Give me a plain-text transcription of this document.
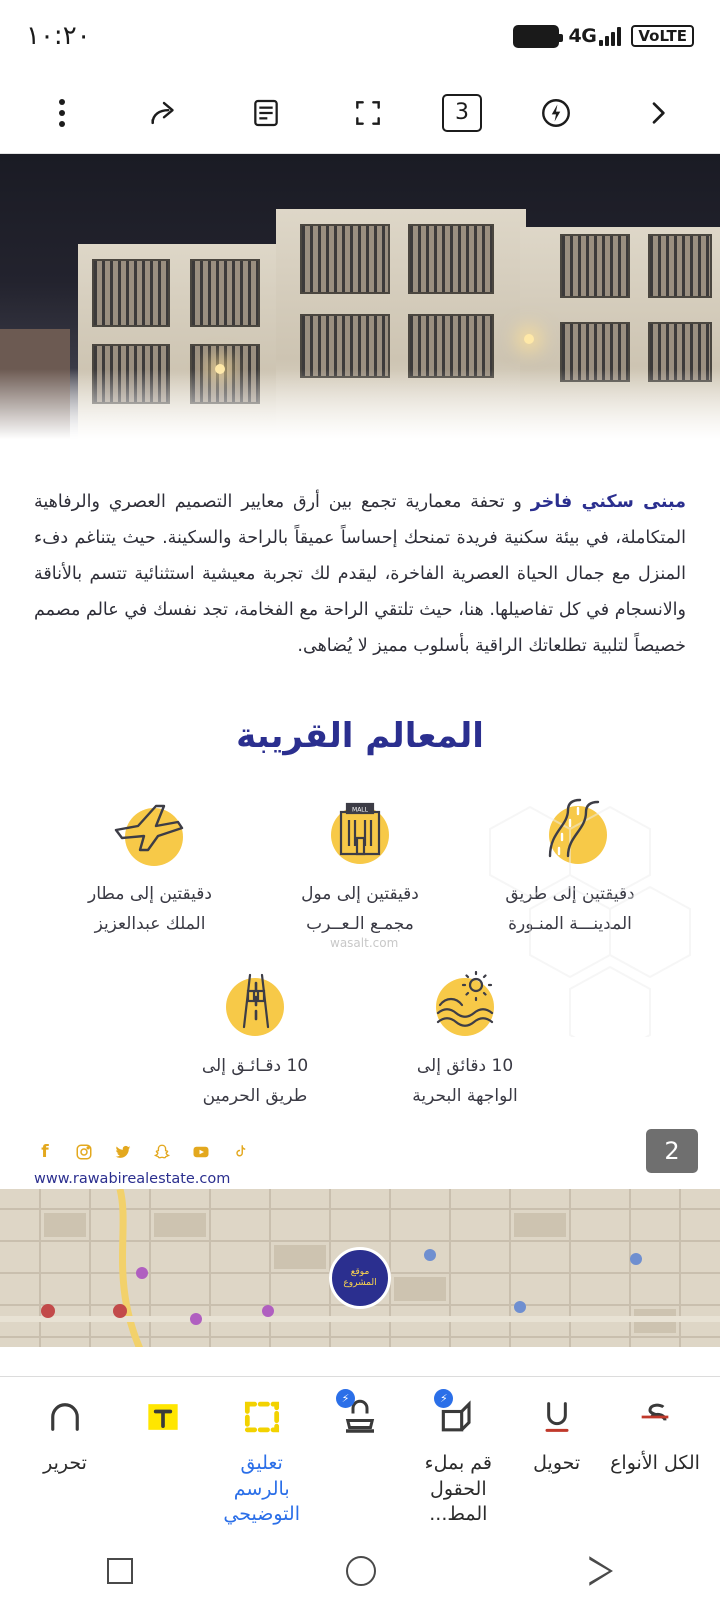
4G	VoLTE
١٠:٢٠
3
مبنى سكني فاخر و تحفة معمارية تجمع بين أرق معايير التصميم العصري والرفاهية المتكاملة، في بيئة سكنية فريدة تمنحك إحساساً عميقاً بالراحة والسكينة. حيث يتناغم دفء المنزل مع جمال الحياة العصرية الفاخرة، ليقدم لك تجربة معيشية استثنائية تتسم بالأناقة والانسجام في كل تفاصيلها. هنا، حيث تلتقي الراحة مع الفخامة، تجد نفسك في عالم مصمم خصيصاً لتلبية تطلعاتك الراقية بأسلوب مميز لا يُضاهى.
المعالم القريبة
دقيقتين إلى طريق
المدينـــة المنـورة
MALL
دقيقتين إلى مول
مجمـع الـعــرب
دقيقتين إلى مطار
الملك عبدالعزيز
10 دقائق إلى
الواجهة البحرية
10 دقـائـق إلى
طريق الحرمين
wasalt.com
f
www.rawabirealestate.com
2
موقع
المشروع
الكل الأنواع
تحويل
⚡
قم بملء الحقول المط...
⚡
تعليق بالرسم التوضيحي
تحرير
